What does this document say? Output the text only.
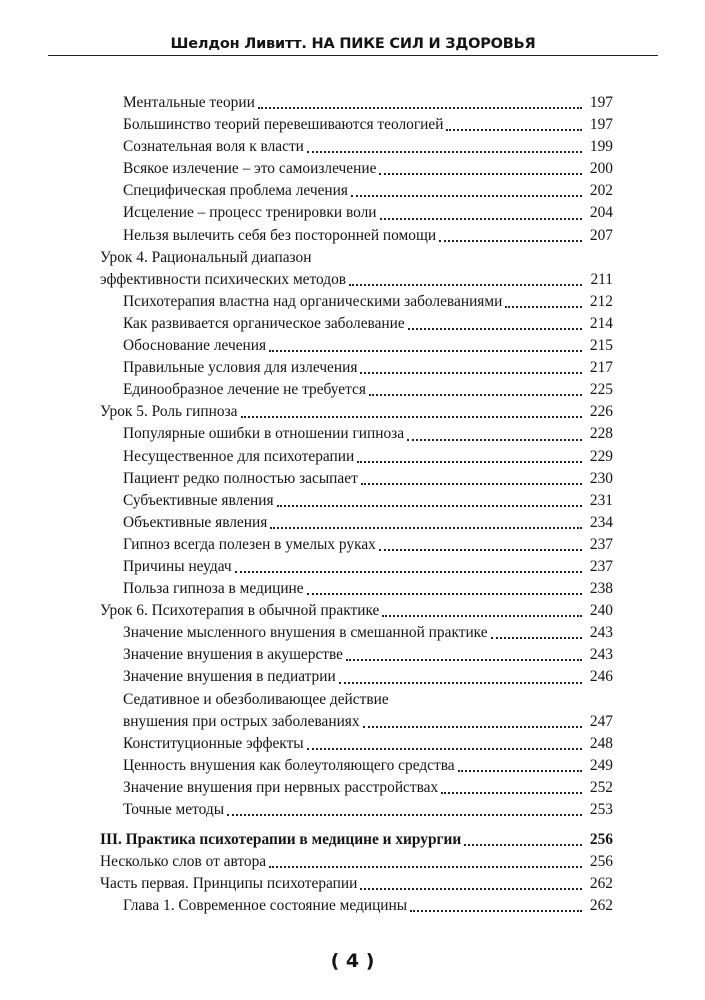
Шелдон Ливитт. НА ПИКЕ СИЛ И ЗДОРОВЬЯ
Ментальные теории	197
Большинство теорий перевешиваются теологией	197
Сознательная воля к власти	199
Всякое излечение – это самоизлечение	200
Специфическая проблема лечения	202
Исцеление – процесс тренировки воли	204
Нельзя вылечить себя без посторонней помощи	207
Урок 4. Рациональный диапазон
эффективности психических методов	211
Психотерапия властна над органическими заболеваниями	212
Как развивается органическое заболевание	214
Обоснование лечения	215
Правильные условия для излечения	217
Единообразное лечение не требуется	225
Урок 5. Роль гипноза	226
Популярные ошибки в отношении гипноза	228
Несущественное для психотерапии	229
Пациент редко полностью засыпает	230
Субъективные явления	231
Объективные явления	234
Гипноз всегда полезен в умелых руках	237
Причины неудач	237
Польза гипноза в медицине	238
Урок 6. Психотерапия в обычной практике	240
Значение мысленного внушения в смешанной практике	243
Значение внушения в акушерстве	243
Значение внушения в педиатрии	246
Седативное и обезболивающее действие
внушения при острых заболеваниях	247
Конституционные эффекты	248
Ценность внушения как болеутоляющего средства	249
Значение внушения при нервных расстройствах	252
Точные методы	253
III. Практика психотерапии в медицине и хирургии	256
Несколько слов от автора	256
Часть первая. Принципы психотерапии	262
Глава 1. Современное состояние медицины	262
( 4 )
